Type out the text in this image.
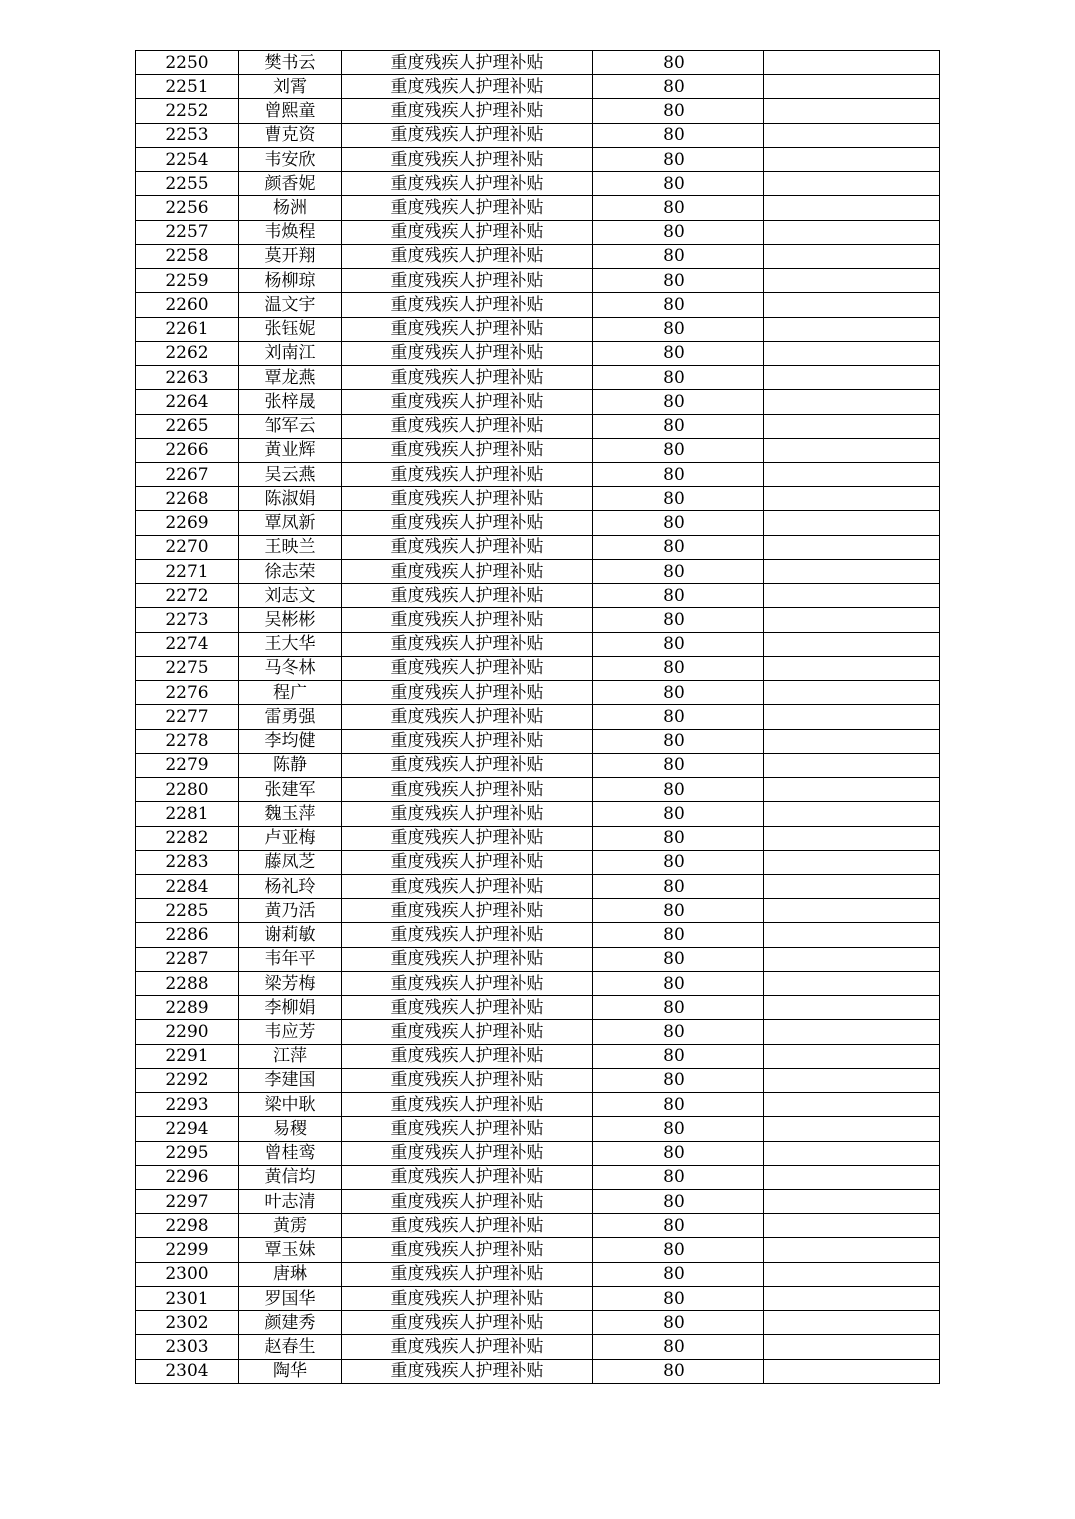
2250	樊书云	重度残疾人护理补贴	80	
2251	刘霄	重度残疾人护理补贴	80	
2252	曾熙童	重度残疾人护理补贴	80	
2253	曹克资	重度残疾人护理补贴	80	
2254	韦安欣	重度残疾人护理补贴	80	
2255	颜香妮	重度残疾人护理补贴	80	
2256	杨洲	重度残疾人护理补贴	80	
2257	韦焕程	重度残疾人护理补贴	80	
2258	莫开翔	重度残疾人护理补贴	80	
2259	杨柳琼	重度残疾人护理补贴	80	
2260	温文宇	重度残疾人护理补贴	80	
2261	张钰妮	重度残疾人护理补贴	80	
2262	刘南江	重度残疾人护理补贴	80	
2263	覃龙燕	重度残疾人护理补贴	80	
2264	张梓晟	重度残疾人护理补贴	80	
2265	邹军云	重度残疾人护理补贴	80	
2266	黄业辉	重度残疾人护理补贴	80	
2267	吴云燕	重度残疾人护理补贴	80	
2268	陈淑娟	重度残疾人护理补贴	80	
2269	覃凤新	重度残疾人护理补贴	80	
2270	王映兰	重度残疾人护理补贴	80	
2271	徐志荣	重度残疾人护理补贴	80	
2272	刘志文	重度残疾人护理补贴	80	
2273	吴彬彬	重度残疾人护理补贴	80	
2274	王大华	重度残疾人护理补贴	80	
2275	马冬林	重度残疾人护理补贴	80	
2276	程广	重度残疾人护理补贴	80	
2277	雷勇强	重度残疾人护理补贴	80	
2278	李均健	重度残疾人护理补贴	80	
2279	陈静	重度残疾人护理补贴	80	
2280	张建军	重度残疾人护理补贴	80	
2281	魏玉萍	重度残疾人护理补贴	80	
2282	卢亚梅	重度残疾人护理补贴	80	
2283	藤凤芝	重度残疾人护理补贴	80	
2284	杨礼玲	重度残疾人护理补贴	80	
2285	黄乃活	重度残疾人护理补贴	80	
2286	谢莉敏	重度残疾人护理补贴	80	
2287	韦年平	重度残疾人护理补贴	80	
2288	梁芳梅	重度残疾人护理补贴	80	
2289	李柳娟	重度残疾人护理补贴	80	
2290	韦应芳	重度残疾人护理补贴	80	
2291	江萍	重度残疾人护理补贴	80	
2292	李建国	重度残疾人护理补贴	80	
2293	梁中耿	重度残疾人护理补贴	80	
2294	易稷	重度残疾人护理补贴	80	
2295	曾桂鸾	重度残疾人护理补贴	80	
2296	黄信均	重度残疾人护理补贴	80	
2297	叶志清	重度残疾人护理补贴	80	
2298	黄雳	重度残疾人护理补贴	80	
2299	覃玉妹	重度残疾人护理补贴	80	
2300	唐琳	重度残疾人护理补贴	80	
2301	罗国华	重度残疾人护理补贴	80	
2302	颜建秀	重度残疾人护理补贴	80	
2303	赵春生	重度残疾人护理补贴	80	
2304	陶华	重度残疾人护理补贴	80	
